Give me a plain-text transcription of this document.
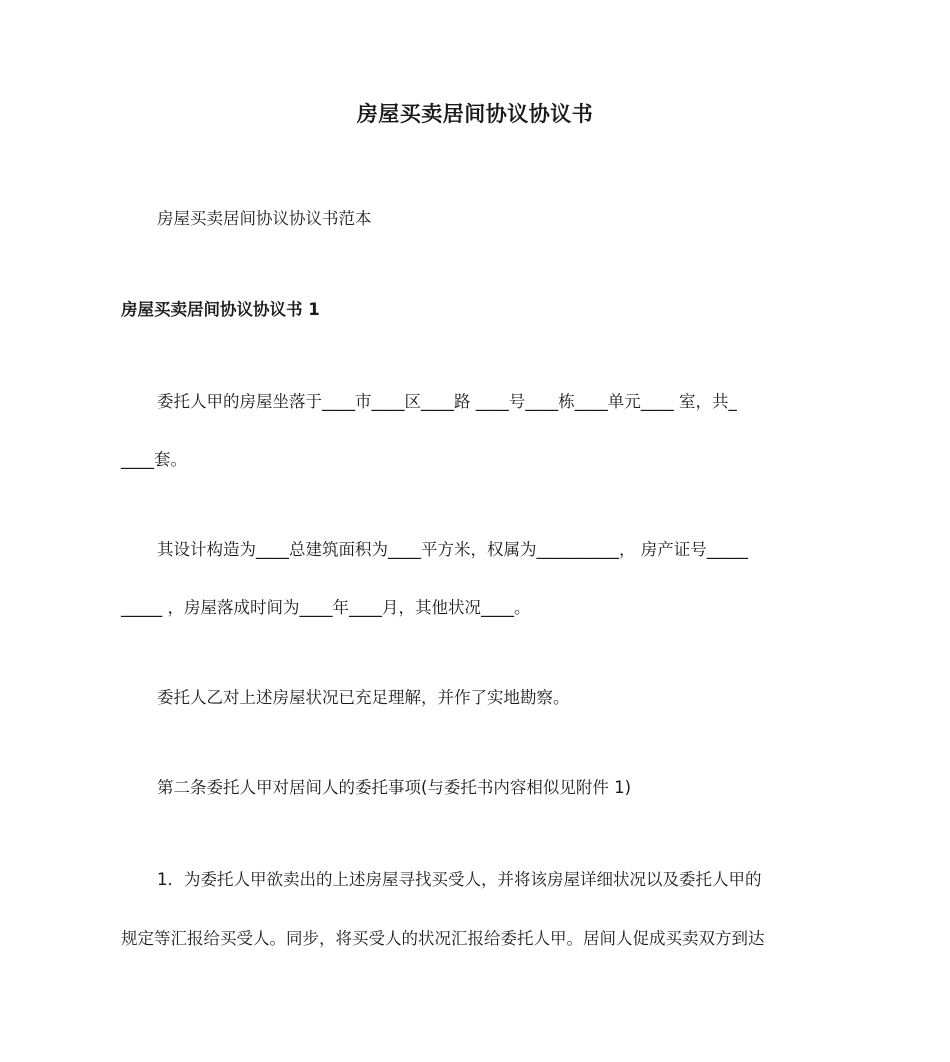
房屋买卖居间协议协议书
房屋买卖居间协议协议书范本
房屋买卖居间协议协议书 1
委托人甲的房屋坐落于____市____区____路 ____号____栋____单元____ 室，共_
____套。
其设计构造为____总建筑面积为____平方米，权属为__________， 房产证号_____
_____ ，房屋落成时间为____年____月，其他状况____。
委托人乙对上述房屋状况已充足理解，并作了实地勘察。
第二条委托人甲对居间人的委托事项(与委托书内容相似见附件 1)
1．为委托人甲欲卖出的上述房屋寻找买受人，并将该房屋详细状况以及委托人甲的
规定等汇报给买受人。同步，将买受人的状况汇报给委托人甲。居间人促成买卖双方到达
